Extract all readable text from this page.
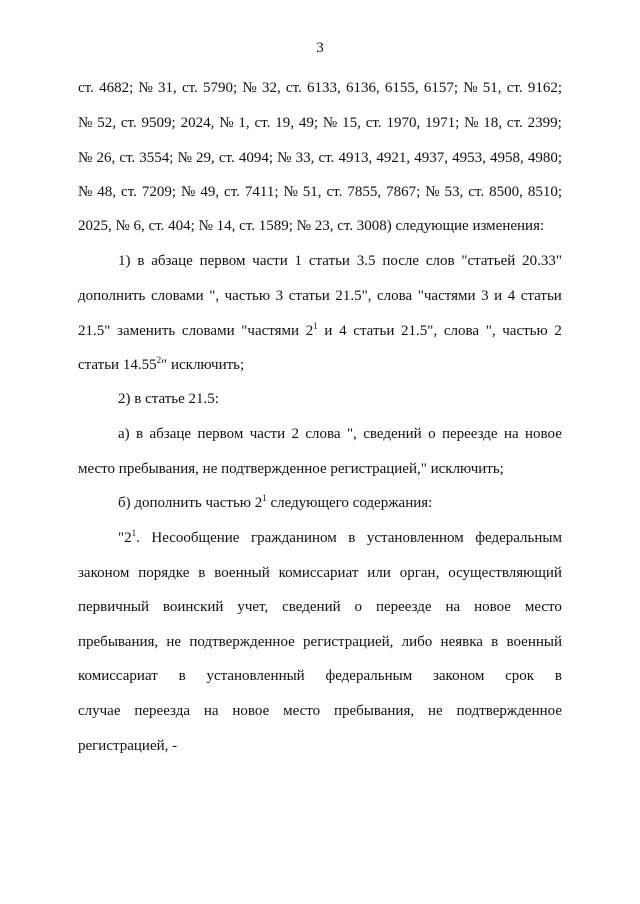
3
ст. 4682; № 31, ст. 5790; № 32, ст. 6133, 6136, 6155, 6157; № 51, ст. 9162;
№ 52, ст. 9509; 2024, № 1, ст. 19, 49; № 15, ст. 1970, 1971; № 18, ст. 2399;
№ 26, ст. 3554; № 29, ст. 4094; № 33, ст. 4913, 4921, 4937, 4953, 4958, 4980;
№ 48, ст. 7209; № 49, ст. 7411; № 51, ст. 7855, 7867; № 53, ст. 8500, 8510;
2025, № 6, ст. 404; № 14, ст. 1589; № 23, ст. 3008) следующие изменения:
1) в абзаце первом части 1 статьи 3.5 после слов "статьей 20.33"
дополнить словами ", частью 3 статьи 21.5", слова "частями 3 и 4 статьи
21.5" заменить словами "частями $2^1$ и 4 статьи 21.5", слова ", частью 2
статьи 14.55$^2$" исключить;
2) в статье 21.5:
а) в абзаце первом части 2 слова ", сведений о переезде на новое
место пребывания, не подтвержденное регистрацией," исключить;
б) дополнить частью $2^1$ следующего содержания:
"$2^1$. Несообщение гражданином в установленном федеральным
законом порядке в военный комиссариат или орган, осуществляющий
первичный воинский учет, сведений о переезде на новое место
пребывания, не подтвержденное регистрацией, либо неявка в военный
комиссариат в установленный федеральным законом срок в
случае переезда на новое место пребывания, не подтвержденное
регистрацией, -
